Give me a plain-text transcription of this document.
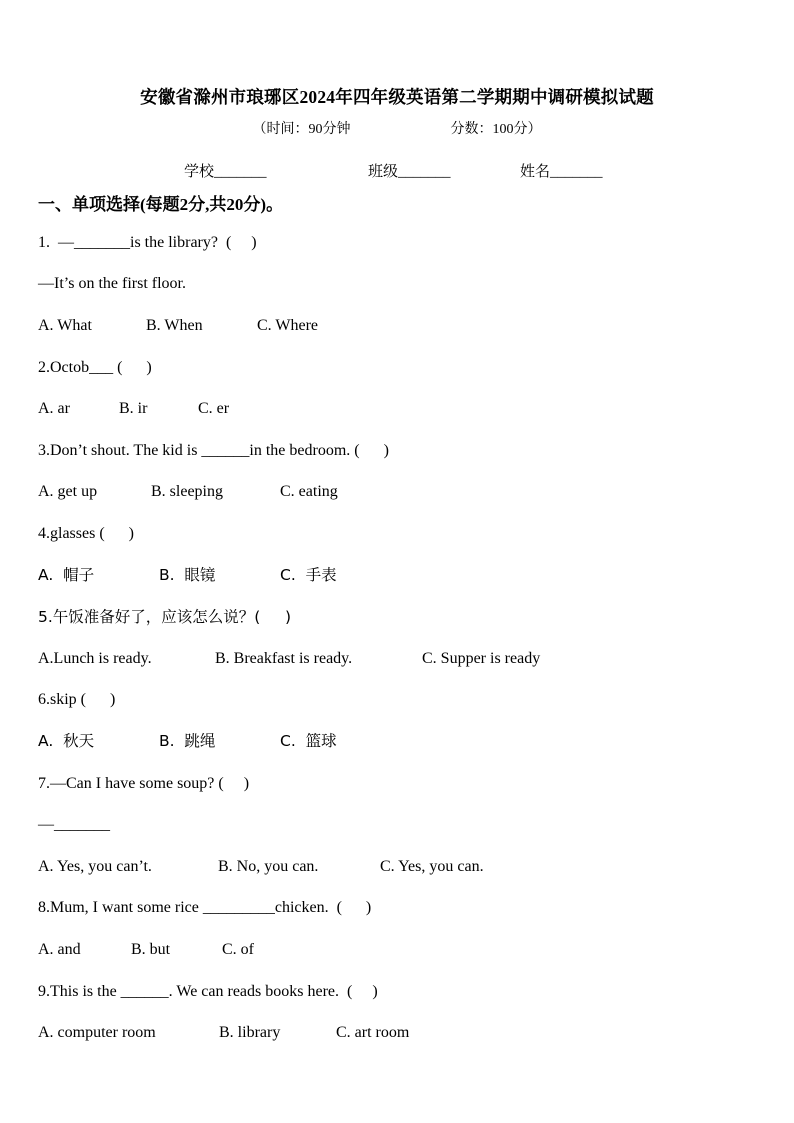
安徽省滁州市琅琊区2024年四年级英语第二学期期中调研模拟试题
（时间：90分钟	分数：100分）
学校_______	班级_______	姓名_______
一、单项选择(每题2分,共20分)。
1.  —_______is the library?  (     )
—It’s on the first floor.
A. What	B. When	C. Where
2.Octob___ (      )
A. ar	B. ir	C. er
3.Don’t shout. The kid is ______in the bedroom. (      )
A. get up	B. sleeping	C. eating
4.glasses (      )
A.  帽子	B.  眼镜	C.  手表
5.午饭准备好了，应该怎么说？(     )
A.Lunch is ready.	B. Breakfast is ready.	C. Supper is ready
6.skip (      )
A.  秋天	B.  跳绳	C.  篮球
7.—Can I have some soup? (     )
—_______
A. Yes, you can’t.	B. No, you can.	C. Yes, you can.
8.Mum, I want some rice _________chicken.  (      )
A. and	B. but	C. of
9.This is the ______. We can reads books here.  (     )
A. computer room	B. library	C. art room
